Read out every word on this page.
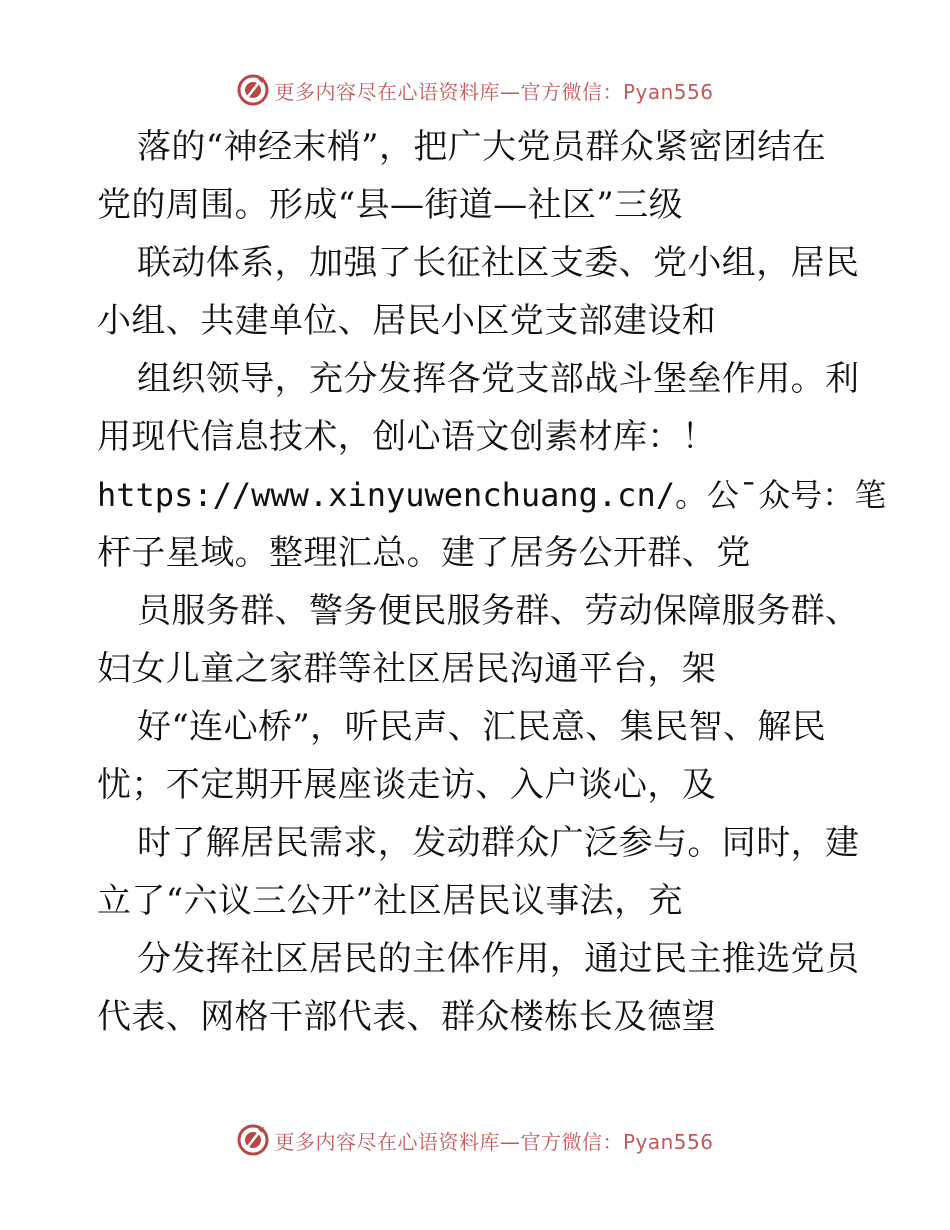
更多内容尽在心语资料库—官方微信：Pyan556
落的“神经末梢”，把广大党员群众紧密团结在
党的周围。形成“县—街道—社区”三级
联动体系，加强了长征社区支委、党小组，居民
小组、共建单位、居民小区党支部建设和
组织领导，充分发挥各党支部战斗堡垒作用。利
用现代信息技术，创心语文创素材库：！
https://www.xinyuwenchuang.cn/。公¯众号：笔
杆子星域。整理汇总。建了居务公开群、党
员服务群、警务便民服务群、劳动保障服务群、
妇女儿童之家群等社区居民沟通平台，架
好“连心桥”，听民声、汇民意、集民智、解民
忧；不定期开展座谈走访、入户谈心，及
时了解居民需求，发动群众广泛参与。同时，建
立了“六议三公开”社区居民议事法，充
分发挥社区居民的主体作用，通过民主推选党员
代表、网格干部代表、群众楼栋长及德望
更多内容尽在心语资料库—官方微信：Pyan556
